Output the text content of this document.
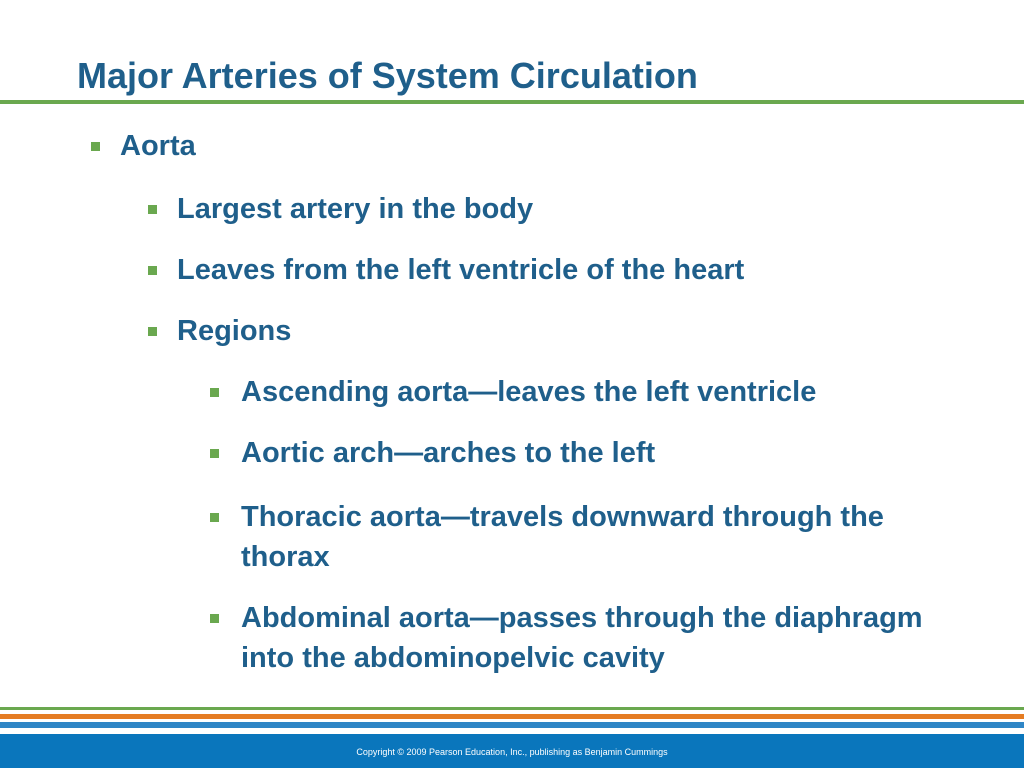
Major Arteries of System Circulation
Aorta
Largest artery in the body
Leaves from the left ventricle of the heart
Regions
Ascending aorta—leaves the left ventricle
Aortic arch—arches to the left
Thoracic aorta—travels downward through the thorax
Abdominal aorta—passes through the diaphragm into the abdominopelvic cavity
Copyright © 2009 Pearson Education, Inc., publishing as Benjamin Cummings
